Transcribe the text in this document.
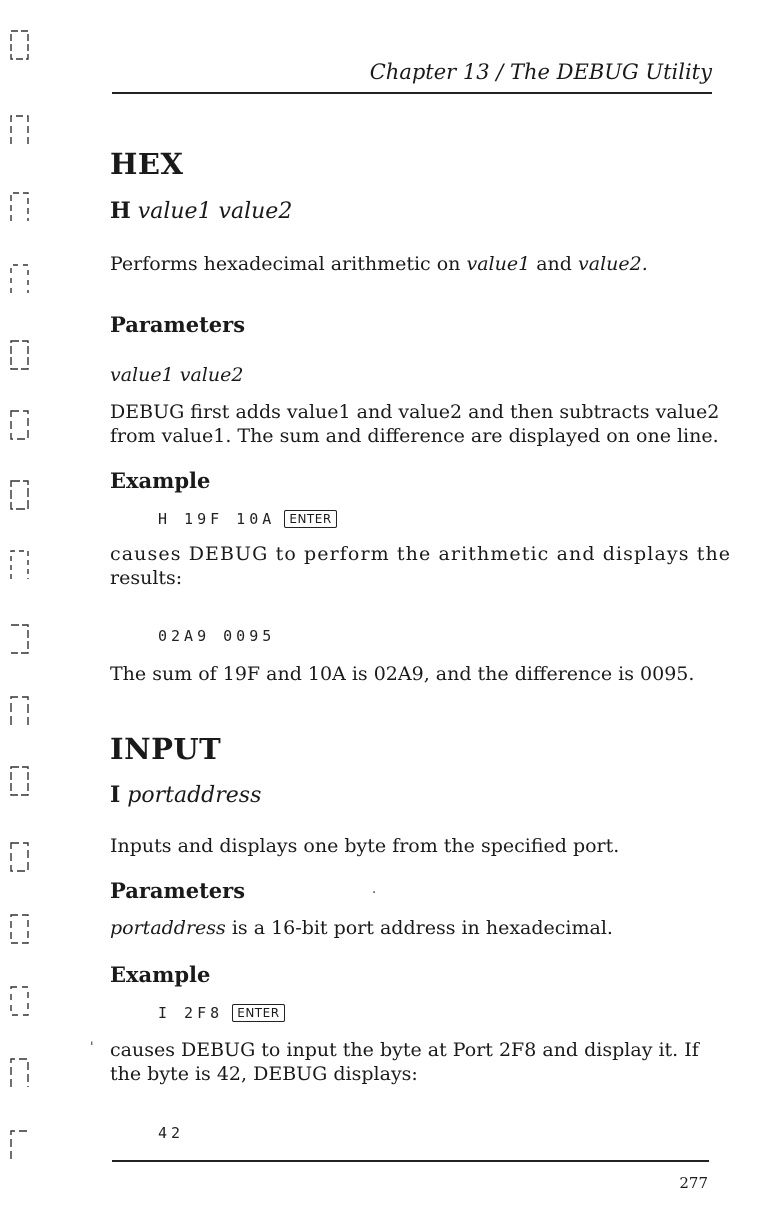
Chapter 13 / The DEBUG Utility
HEX
H value1 value2
Performs hexadecimal arithmetic on value1 and value2.
Parameters
value1 value2
DEBUG first adds value1 and value2 and then subtracts value2
from value1. The sum and difference are displayed on one line.
Example
H 19F 10A ENTER
causes DEBUG to perform the arithmetic and displays the
results:
02A9 0095
The sum of 19F and 10A is 02A9, and the difference is 0095.
INPUT
I portaddress
Inputs and displays one byte from the specified port.
Parameters
portaddress is a 16-bit port address in hexadecimal.
Example
I 2F8 ENTER
causes DEBUG to input the byte at Port 2F8 and display it. If
the byte is 42, DEBUG displays:
42
.
'
277
